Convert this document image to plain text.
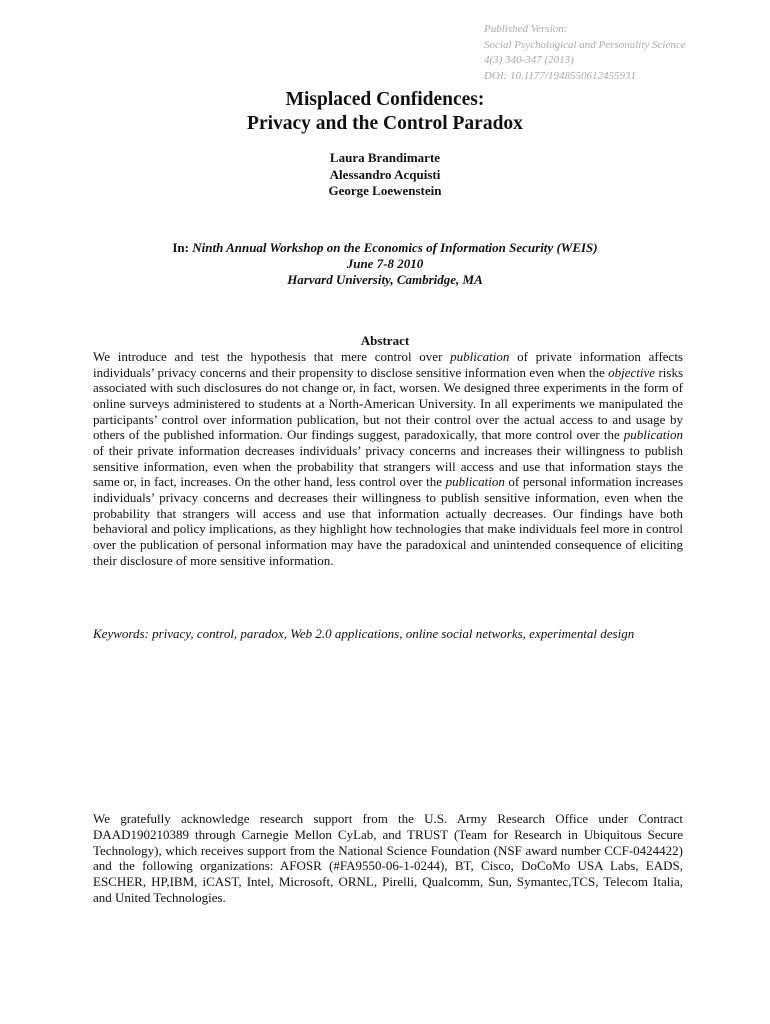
Published Version:
Social Psychological and Personality Science
4(3) 340-347 (2013)
DOI: 10.1177/1948550612455931
Misplaced Confidences:
Privacy and the Control Paradox
Laura Brandimarte
Alessandro Acquisti
George Loewenstein
In: Ninth Annual Workshop on the Economics of Information Security (WEIS)
June 7-8 2010
Harvard University, Cambridge, MA
Abstract

We introduce and test the hypothesis that mere control over publication of private information affects individuals’ privacy concerns and their propensity to disclose sensitive information even when the objective risks associated with such disclosures do not change or, in fact, worsen. We designed three experiments in the form of online surveys administered to students at a North-American University. In all experiments we manipulated the participants’ control over information publication, but not their control over the actual access to and usage by others of the published information. Our findings suggest, paradoxically, that more control over the publication of their private information decreases individuals’ privacy concerns and increases their willingness to publish sensitive information, even when the probability that strangers will access and use that information stays the same or, in fact, increases. On the other hand, less control over the publication of personal information increases individuals’ privacy concerns and decreases their willingness to publish sensitive information, even when the probability that strangers will access and use that information actually decreases. Our findings have both behavioral and policy implications, as they highlight how technologies that make individuals feel more in control over the publication of personal information may have the paradoxical and unintended consequence of eliciting their disclosure of more sensitive information.

Keywords: privacy, control, paradox, Web 2.0 applications, online social networks, experimental design
We gratefully acknowledge research support from the U.S. Army Research Office under Contract DAAD190210389 through Carnegie Mellon CyLab, and TRUST (Team for Research in Ubiquitous Secure Technology), which receives support from the National Science Foundation (NSF award number CCF-0424422) and the following organizations: AFOSR (#FA9550-06-1-0244), BT, Cisco, DoCoMo USA Labs, EADS, ESCHER, HP,IBM, iCAST, Intel, Microsoft, ORNL, Pirelli, Qualcomm, Sun, Symantec,TCS, Telecom Italia, and United Technologies.
